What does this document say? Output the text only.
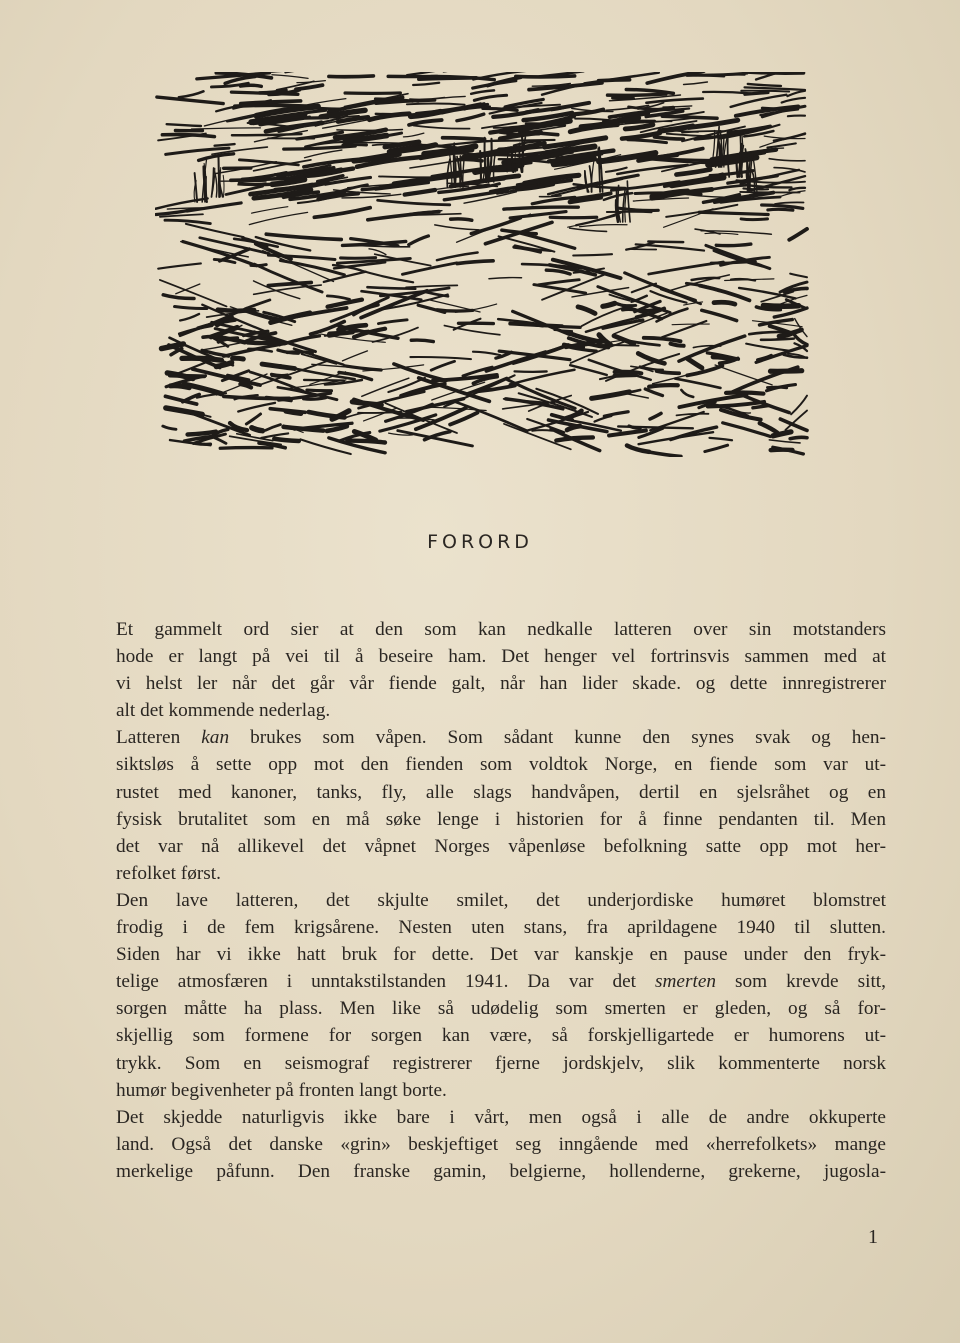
FORORD

Et gammelt ord sier at den som kan nedkalle latteren over sin motstanders
hode er langt på vei til å beseire ham. Det henger vel fortrinsvis sammen med at
vi helst ler når det går vår fiende galt, når han lider skade. og dette innregistrerer
alt det kommende nederlag.

Latteren kan brukes som våpen. Som sådant kunne den synes svak og hen-
siktsløs å sette opp mot den fienden som voldtok Norge, en fiende som var ut-
rustet med kanoner, tanks, fly, alle slags handvåpen, dertil en sjelsråhet og en
fysisk brutalitet som en må søke lenge i historien for å finne pendanten til. Men
det var nå allikevel det våpnet Norges våpenløse befolkning satte opp mot her-
refolket først.

Den lave latteren, det skjulte smilet, det underjordiske humøret blomstret
frodig i de fem krigsårene. Nesten uten stans, fra aprildagene 1940 til slutten.
Siden har vi ikke hatt bruk for dette. Det var kanskje en pause under den fryk-
telige atmosfæren i unntakstilstanden 1941. Da var det smerten som krevde sitt,
sorgen måtte ha plass. Men like så udødelig som smerten er gleden, og så for-
skjellig som formene for sorgen kan være, så forskjelligartede er humorens ut-
trykk. Som en seismograf registrerer fjerne jordskjelv, slik kommenterte norsk
humør begivenheter på fronten langt borte.

Det skjedde naturligvis ikke bare i vårt, men også i alle de andre okkuperte
land. Også det danske «grin» beskjeftiget seg inngående med «herrefolkets» mange
merkelige påfunn. Den franske gamin, belgierne, hollenderne, grekerne, jugosla-

1
